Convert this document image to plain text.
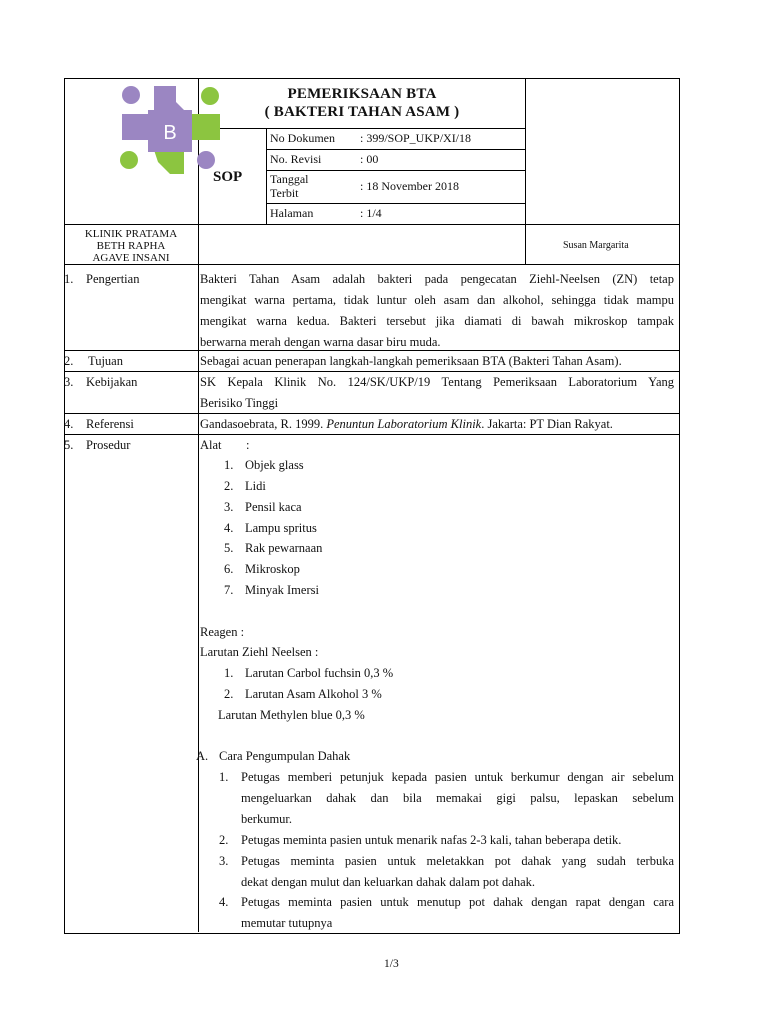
B
PEMERIKSAAN BTA
( BAKTERI TAHAN ASAM )
SOP
No Dokumen : 399/SOP_UKP/XI/18
No. Revisi	: 00
Tanggal
Terbit	: 18 November 2018
Halaman	: 1/4
KLINIK PRATAMA
BETH RAPHA
AGAVE INSANI
Susan Margarita
1. Pengertian	Bakteri Tahan Asam adalah bakteri pada pengecatan Ziehl-Neelsen (ZN) tetap
mengikat warna pertama, tidak luntur oleh asam dan alkohol, sehingga tidak mampu
mengikat warna kedua. Bakteri tersebut jika diamati di bawah mikroskop tampak
berwarna merah dengan warna dasar biru muda.
2. Tujuan	Sebagai acuan penerapan langkah-langkah pemeriksaan BTA (Bakteri Tahan Asam).
3. Kebijakan	SK Kepala Klinik No. 124/SK/UKP/19 Tentang Pemeriksaan Laboratorium Yang
Berisiko Tinggi
4. Referensi	Gandasoebrata, R. 1999. Penuntun Laboratorium Klinik. Jakarta: PT Dian Rakyat.
5. Prosedur	Alat :
1. Objek glass
2. Lidi
3. Pensil kaca
4. Lampu spritus
5. Rak pewarnaan
6. Mikroskop
7. Minyak Imersi
Reagen :
Larutan Ziehl Neelsen :
1. Larutan Carbol fuchsin 0,3 %
2. Larutan Asam Alkohol 3 %
Larutan Methylen blue 0,3 %
A. Cara Pengumpulan Dahak
1. Petugas memberi petunjuk kepada pasien untuk berkumur dengan air sebelum
mengeluarkan dahak dan bila memakai gigi palsu, lepaskan sebelum
berkumur.
2. Petugas meminta pasien untuk menarik nafas 2-3 kali, tahan beberapa detik.
3. Petugas meminta pasien untuk meletakkan pot dahak yang sudah terbuka
dekat dengan mulut dan keluarkan dahak dalam pot dahak.
4. Petugas meminta pasien untuk menutup pot dahak dengan rapat dengan cara
memutar tutupnya
1/3
